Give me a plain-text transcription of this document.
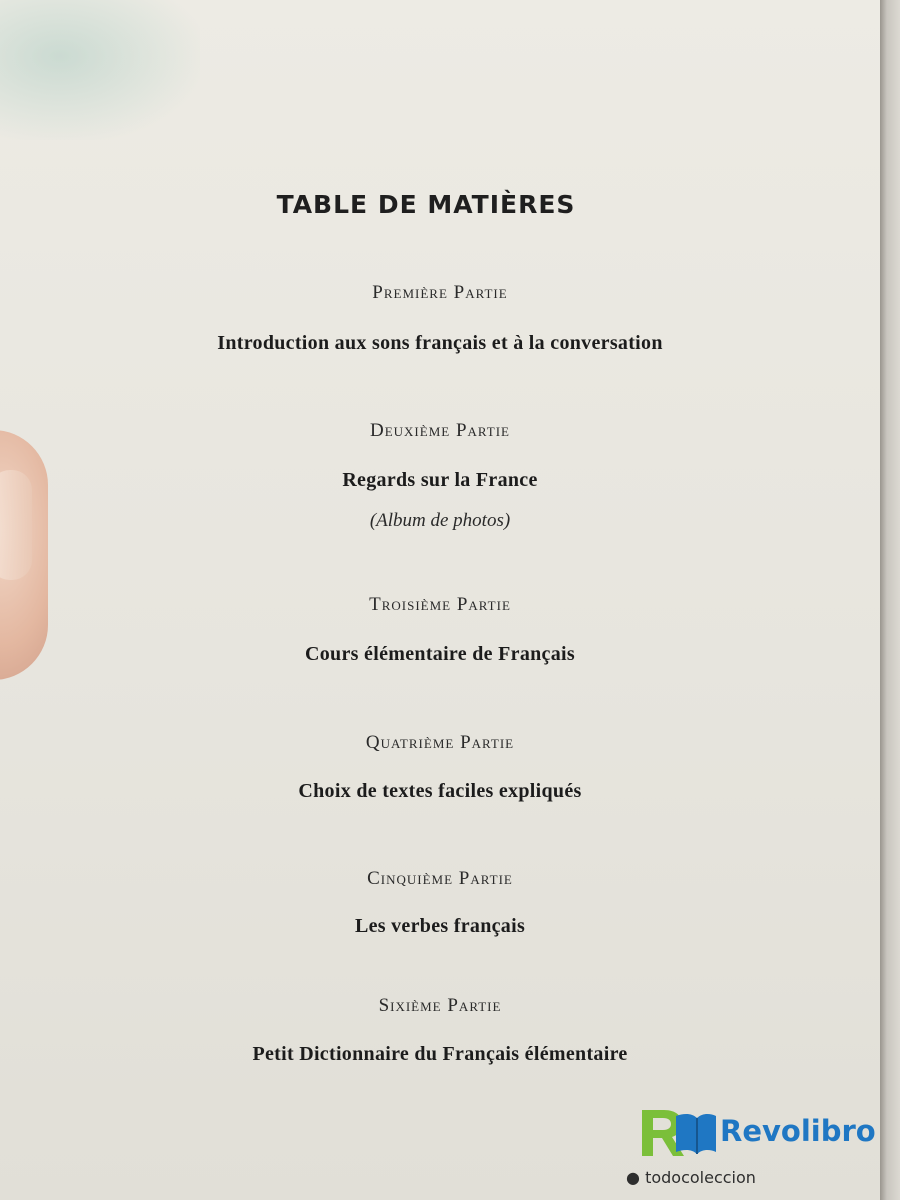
TABLE DE MATIÈRES
Première Partie
Introduction aux sons français et à la conversation
Deuxième Partie
Regards sur la France
(Album de photos)
Troisième Partie
Cours élémentaire de Français
Quatrième Partie
Choix de textes faciles expliqués
Cinquième Partie
Les verbes français
Sixième Partie
Petit Dictionnaire du Français élémentaire
Revolibro
● todocoleccion
